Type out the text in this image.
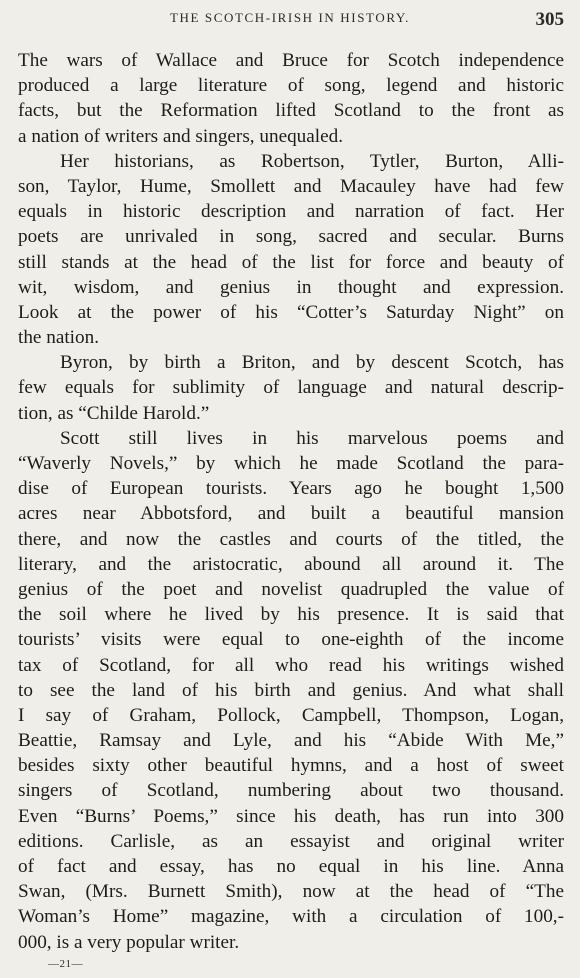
THE SCOTCH-IRISH IN HISTORY.	305
The wars of Wallace and Bruce for Scotch independence
produced a large literature of song, legend and historic
facts, but the Reformation lifted Scotland to the front as
a nation of writers and singers, unequaled.
Her historians, as Robertson, Tytler, Burton, Alli-
son, Taylor, Hume, Smollett and Macauley have had few
equals in historic description and narration of fact. Her
poets are unrivaled in song, sacred and secular. Burns
still stands at the head of the list for force and beauty of
wit, wisdom, and genius in thought and expression.
Look at the power of his “Cotter’s Saturday Night” on
the nation.
Byron, by birth a Briton, and by descent Scotch, has
few equals for sublimity of language and natural descrip-
tion, as “Childe Harold.”
Scott still lives in his marvelous poems and
“Waverly Novels,” by which he made Scotland the para-
dise of European tourists. Years ago he bought 1,500
acres near Abbotsford, and built a beautiful mansion
there, and now the castles and courts of the titled, the
literary, and the aristocratic, abound all around it. The
genius of the poet and novelist quadrupled the value of
the soil where he lived by his presence. It is said that
tourists’ visits were equal to one-eighth of the income
tax of Scotland, for all who read his writings wished
to see the land of his birth and genius. And what shall
I say of Graham, Pollock, Campbell, Thompson, Logan,
Beattie, Ramsay and Lyle, and his “Abide With Me,”
besides sixty other beautiful hymns, and a host of sweet
singers of Scotland, numbering about two thousand.
Even “Burns’ Poems,” since his death, has run into 300
editions. Carlisle, as an essayist and original writer
of fact and essay, has no equal in his line. Anna
Swan, (Mrs. Burnett Smith), now at the head of “The
Woman’s Home” magazine, with a circulation of 100,-
000, is a very popular writer.
—21—
